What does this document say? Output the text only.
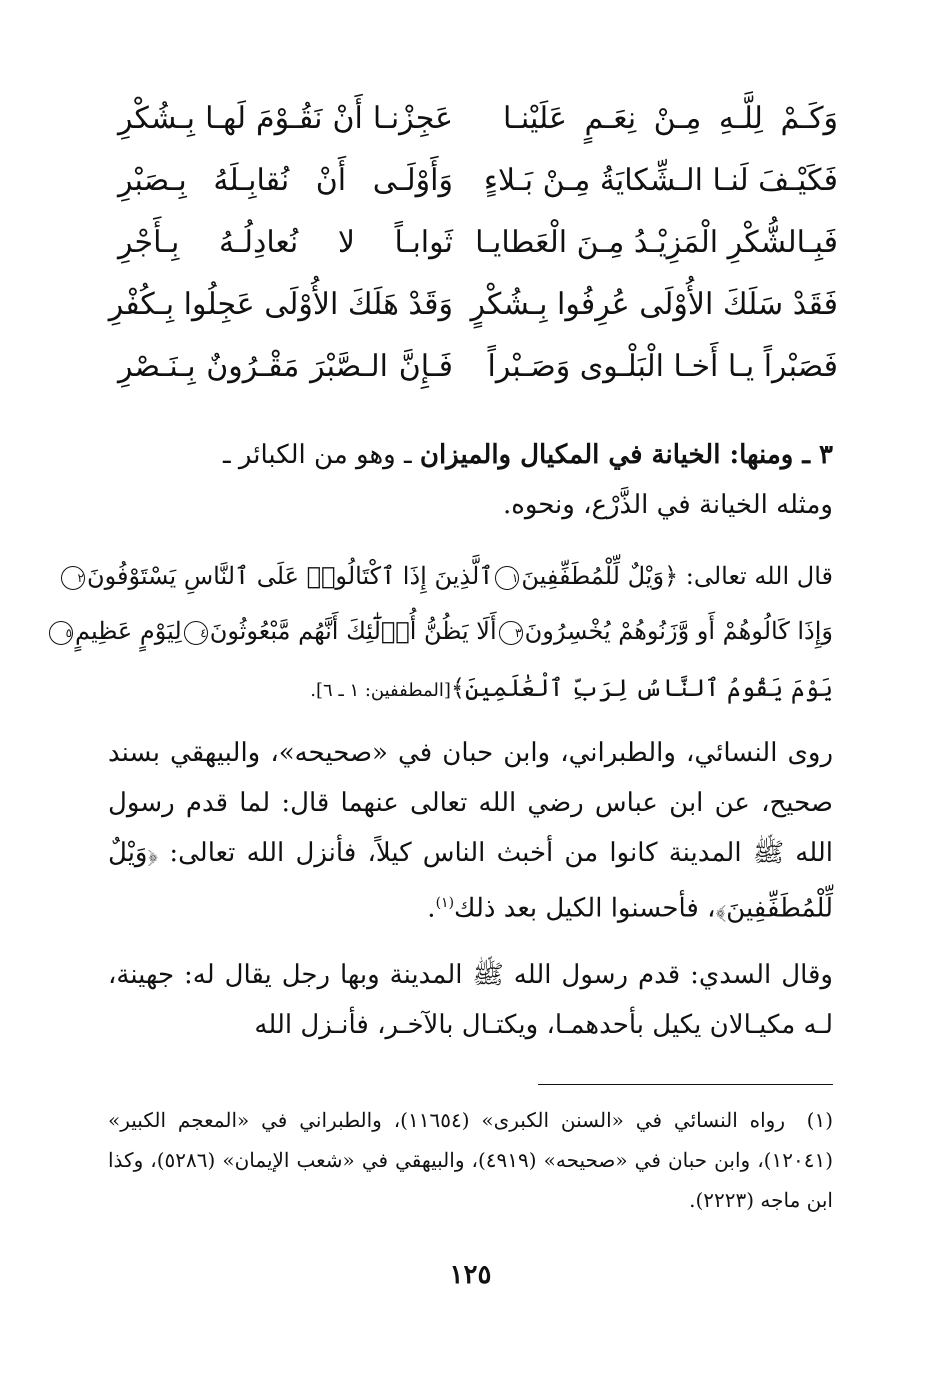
وَكَـمْ لِلَّـهِ مِـنْ نِعَـمٍ عَلَيْنـا
عَجِزْنـا أَنْ نَقُـوْمَ لَهـا بِـشُكْرِ
فَكَيْـفَ لَنـا الـشِّكايَةُ مِـنْ بَـلاءٍ
وَأَوْلَـى أَنْ نُقابِـلَهُ بِـصَبْرِ
فَبِـالشُّكْرِ الْمَزِيْـدُ مِـنَ الْعَطايـا
ثَوابـاً لا نُعادِلُـهُ بِـأَجْرِ
فَقَدْ سَلَكَ الأُوْلَى عُرِفُوا بِـشُكْرٍ
وَقَدْ هَلَكَ الأُوْلَى عَجِلُوا بِـكُفْرِ
فَصَبْراً يـا أَخـا الْبَلْـوى وَصَـبْراً
فَـإِنَّ الـصَّبْرَ مَقْـرُونٌ بِـنَـصْرِ
٣ ـ ومنها: الخيانة في المكيال والميزان ـ وهو من الكبائر ـ
ومثله الخيانة في الذَّرْع، ونحوه.
قال الله تعالى: ﴿وَيْلٌ لِّلْمُطَفِّفِينَ١ٱلَّذِينَ إِذَا ٱكْتَالُوا۟ عَلَى ٱلنَّاسِ يَسْتَوْفُونَ٢
وَإِذَا كَالُوهُمْ أَو وَّزَنُوهُمْ يُخْسِرُونَ٣أَلَا يَظُنُّ أُو۟لَٰٓئِكَ أَنَّهُم مَّبْعُوثُونَ٤لِيَوْمٍ عَظِيمٍ٥
يَوْمَ يَقُومُ ٱلنَّاسُ لِرَبِّ ٱلْعَٰلَمِينَ﴾[المطففين: ١ ـ ٦].
روى النسائي، والطبراني، وابن حبان في «صحيحه»، والبيهقي بسند صحيح، عن ابن عباس رضي الله تعالى عنهما قال: لما قدم رسول الله ﷺ المدينة كانوا من أخبث الناس كيلاً، فأنزل الله تعالى: ﴿وَيْلٌ لِّلْمُطَفِّفِينَ﴾، فأحسنوا الكيل بعد ذلك$^{(١)}$.
وقال السدي: قدم رسول الله ﷺ المدينة وبها رجل يقال له: جهينة، لـه مكيـالان يكيل بأحدهمـا، ويكتـال بالآخـر، فأنـزل الله
(١)رواه النسائي في «السنن الكبرى» (١١٦٥٤)، والطبراني في «المعجم الكبير» (١٢٠٤١)، وابن حبان في «صحيحه» (٤٩١٩)، والبيهقي في «شعب الإيمان» (٥٢٨٦)، وكذا ابن ماجه (٢٢٢٣).
١٢٥
